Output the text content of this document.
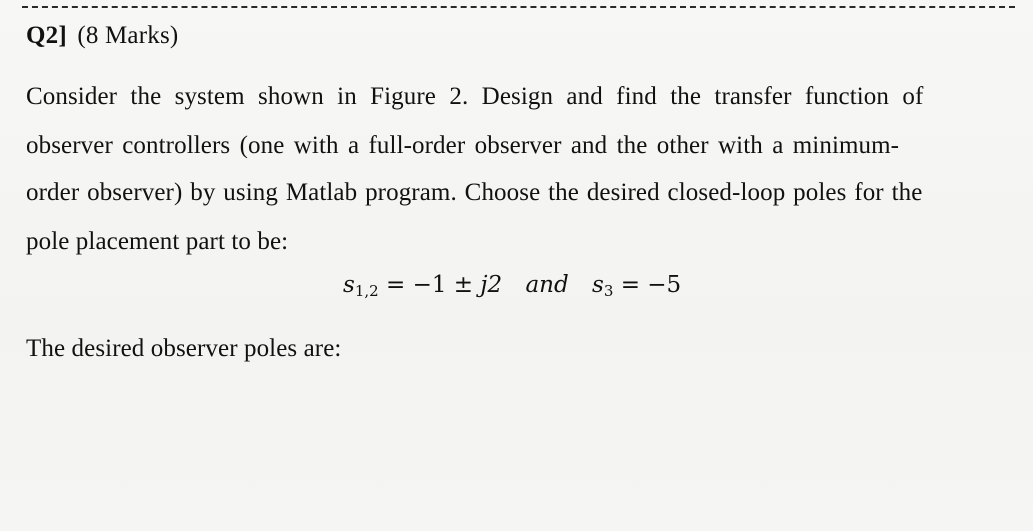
Q2] (8 Marks)
Consider the system shown in Figure 2. Design and find the transfer function of
observer controllers (one with a full-order observer and the other with a minimum-
order observer) by using Matlab program. Choose the desired closed-loop poles for the
pole placement part to be:
$s_{1,2} = -1 \pm j2$ and $s_3 = -5$
The desired observer poles are:
